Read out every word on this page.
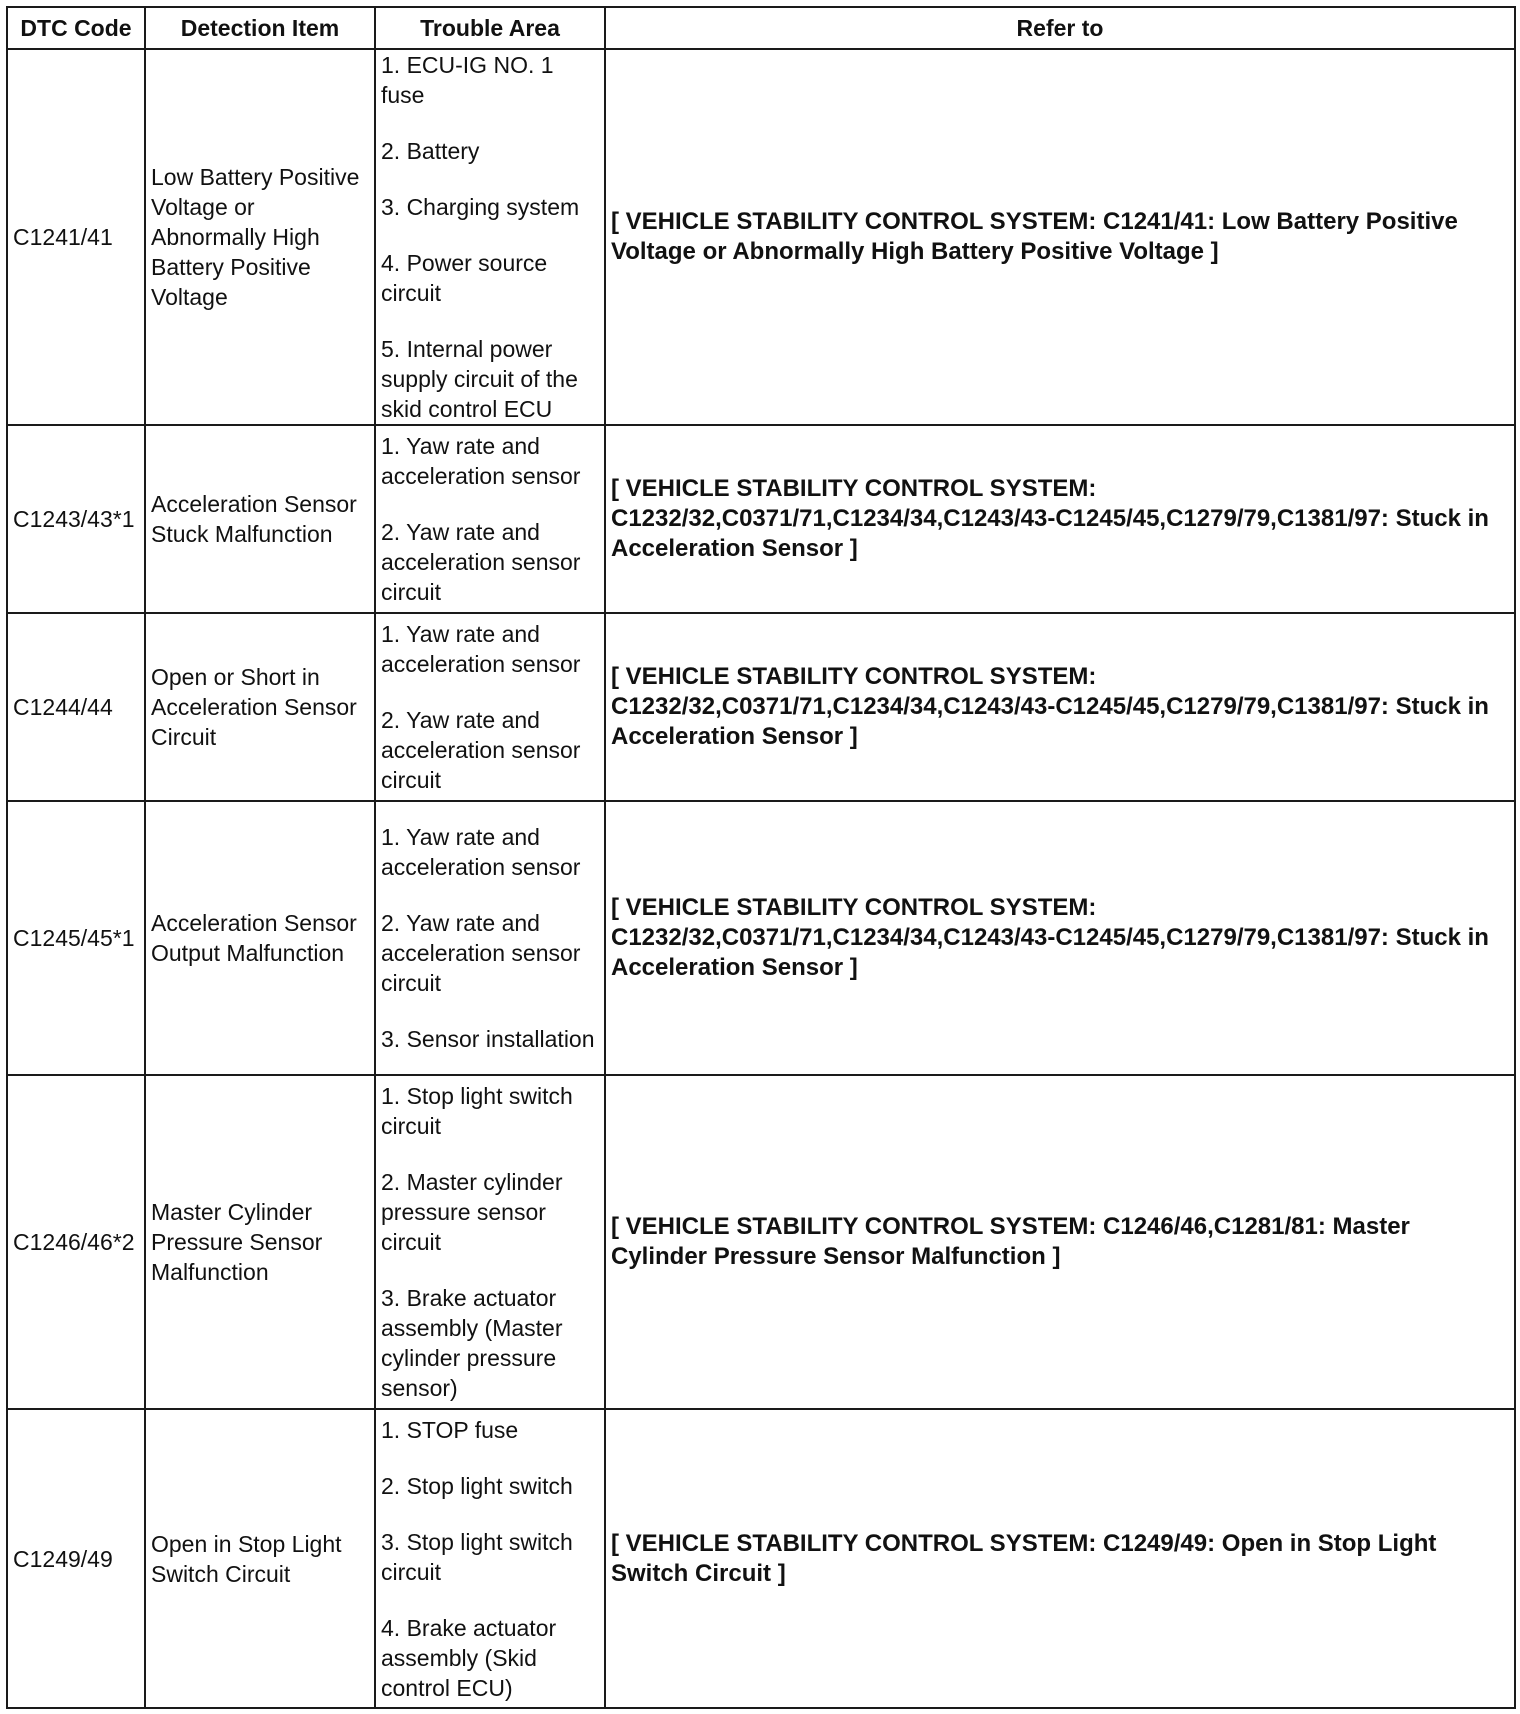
DTC Code	Detection Item	Trouble Area	Refer to
C1241/41	Low Battery Positive Voltage or Abnormally High Battery Positive Voltage	1. ECU-IG NO. 1 fuse
2. Battery
3. Charging system
4. Power source circuit
5. Internal power supply circuit of the skid control ECU	[ VEHICLE STABILITY CONTROL SYSTEM: C1241/41: Low Battery Positive Voltage or Abnormally High Battery Positive Voltage ]
C1243/43*1	Acceleration Sensor Stuck Malfunction	1. Yaw rate and acceleration sensor
2. Yaw rate and acceleration sensor circuit	[ VEHICLE STABILITY CONTROL SYSTEM: C1232/32,C0371/71,C1234/34,C1243/43-C1245/45,C1279/79,C1381/97: Stuck in Acceleration Sensor ]
C1244/44	Open or Short in Acceleration Sensor Circuit	1. Yaw rate and acceleration sensor
2. Yaw rate and acceleration sensor circuit	[ VEHICLE STABILITY CONTROL SYSTEM: C1232/32,C0371/71,C1234/34,C1243/43-C1245/45,C1279/79,C1381/97: Stuck in Acceleration Sensor ]
C1245/45*1	Acceleration Sensor Output Malfunction	1. Yaw rate and acceleration sensor
2. Yaw rate and acceleration sensor circuit
3. Sensor installation	[ VEHICLE STABILITY CONTROL SYSTEM: C1232/32,C0371/71,C1234/34,C1243/43-C1245/45,C1279/79,C1381/97: Stuck in Acceleration Sensor ]
C1246/46*2	Master Cylinder Pressure Sensor Malfunction	1. Stop light switch circuit
2. Master cylinder pressure sensor circuit
3. Brake actuator assembly (Master cylinder pressure sensor)	[ VEHICLE STABILITY CONTROL SYSTEM: C1246/46,C1281/81: Master Cylinder Pressure Sensor Malfunction ]
C1249/49	Open in Stop Light Switch Circuit	1. STOP fuse
2. Stop light switch
3. Stop light switch circuit
4. Brake actuator assembly (Skid control ECU)	[ VEHICLE STABILITY CONTROL SYSTEM: C1249/49: Open in Stop Light Switch Circuit ]
